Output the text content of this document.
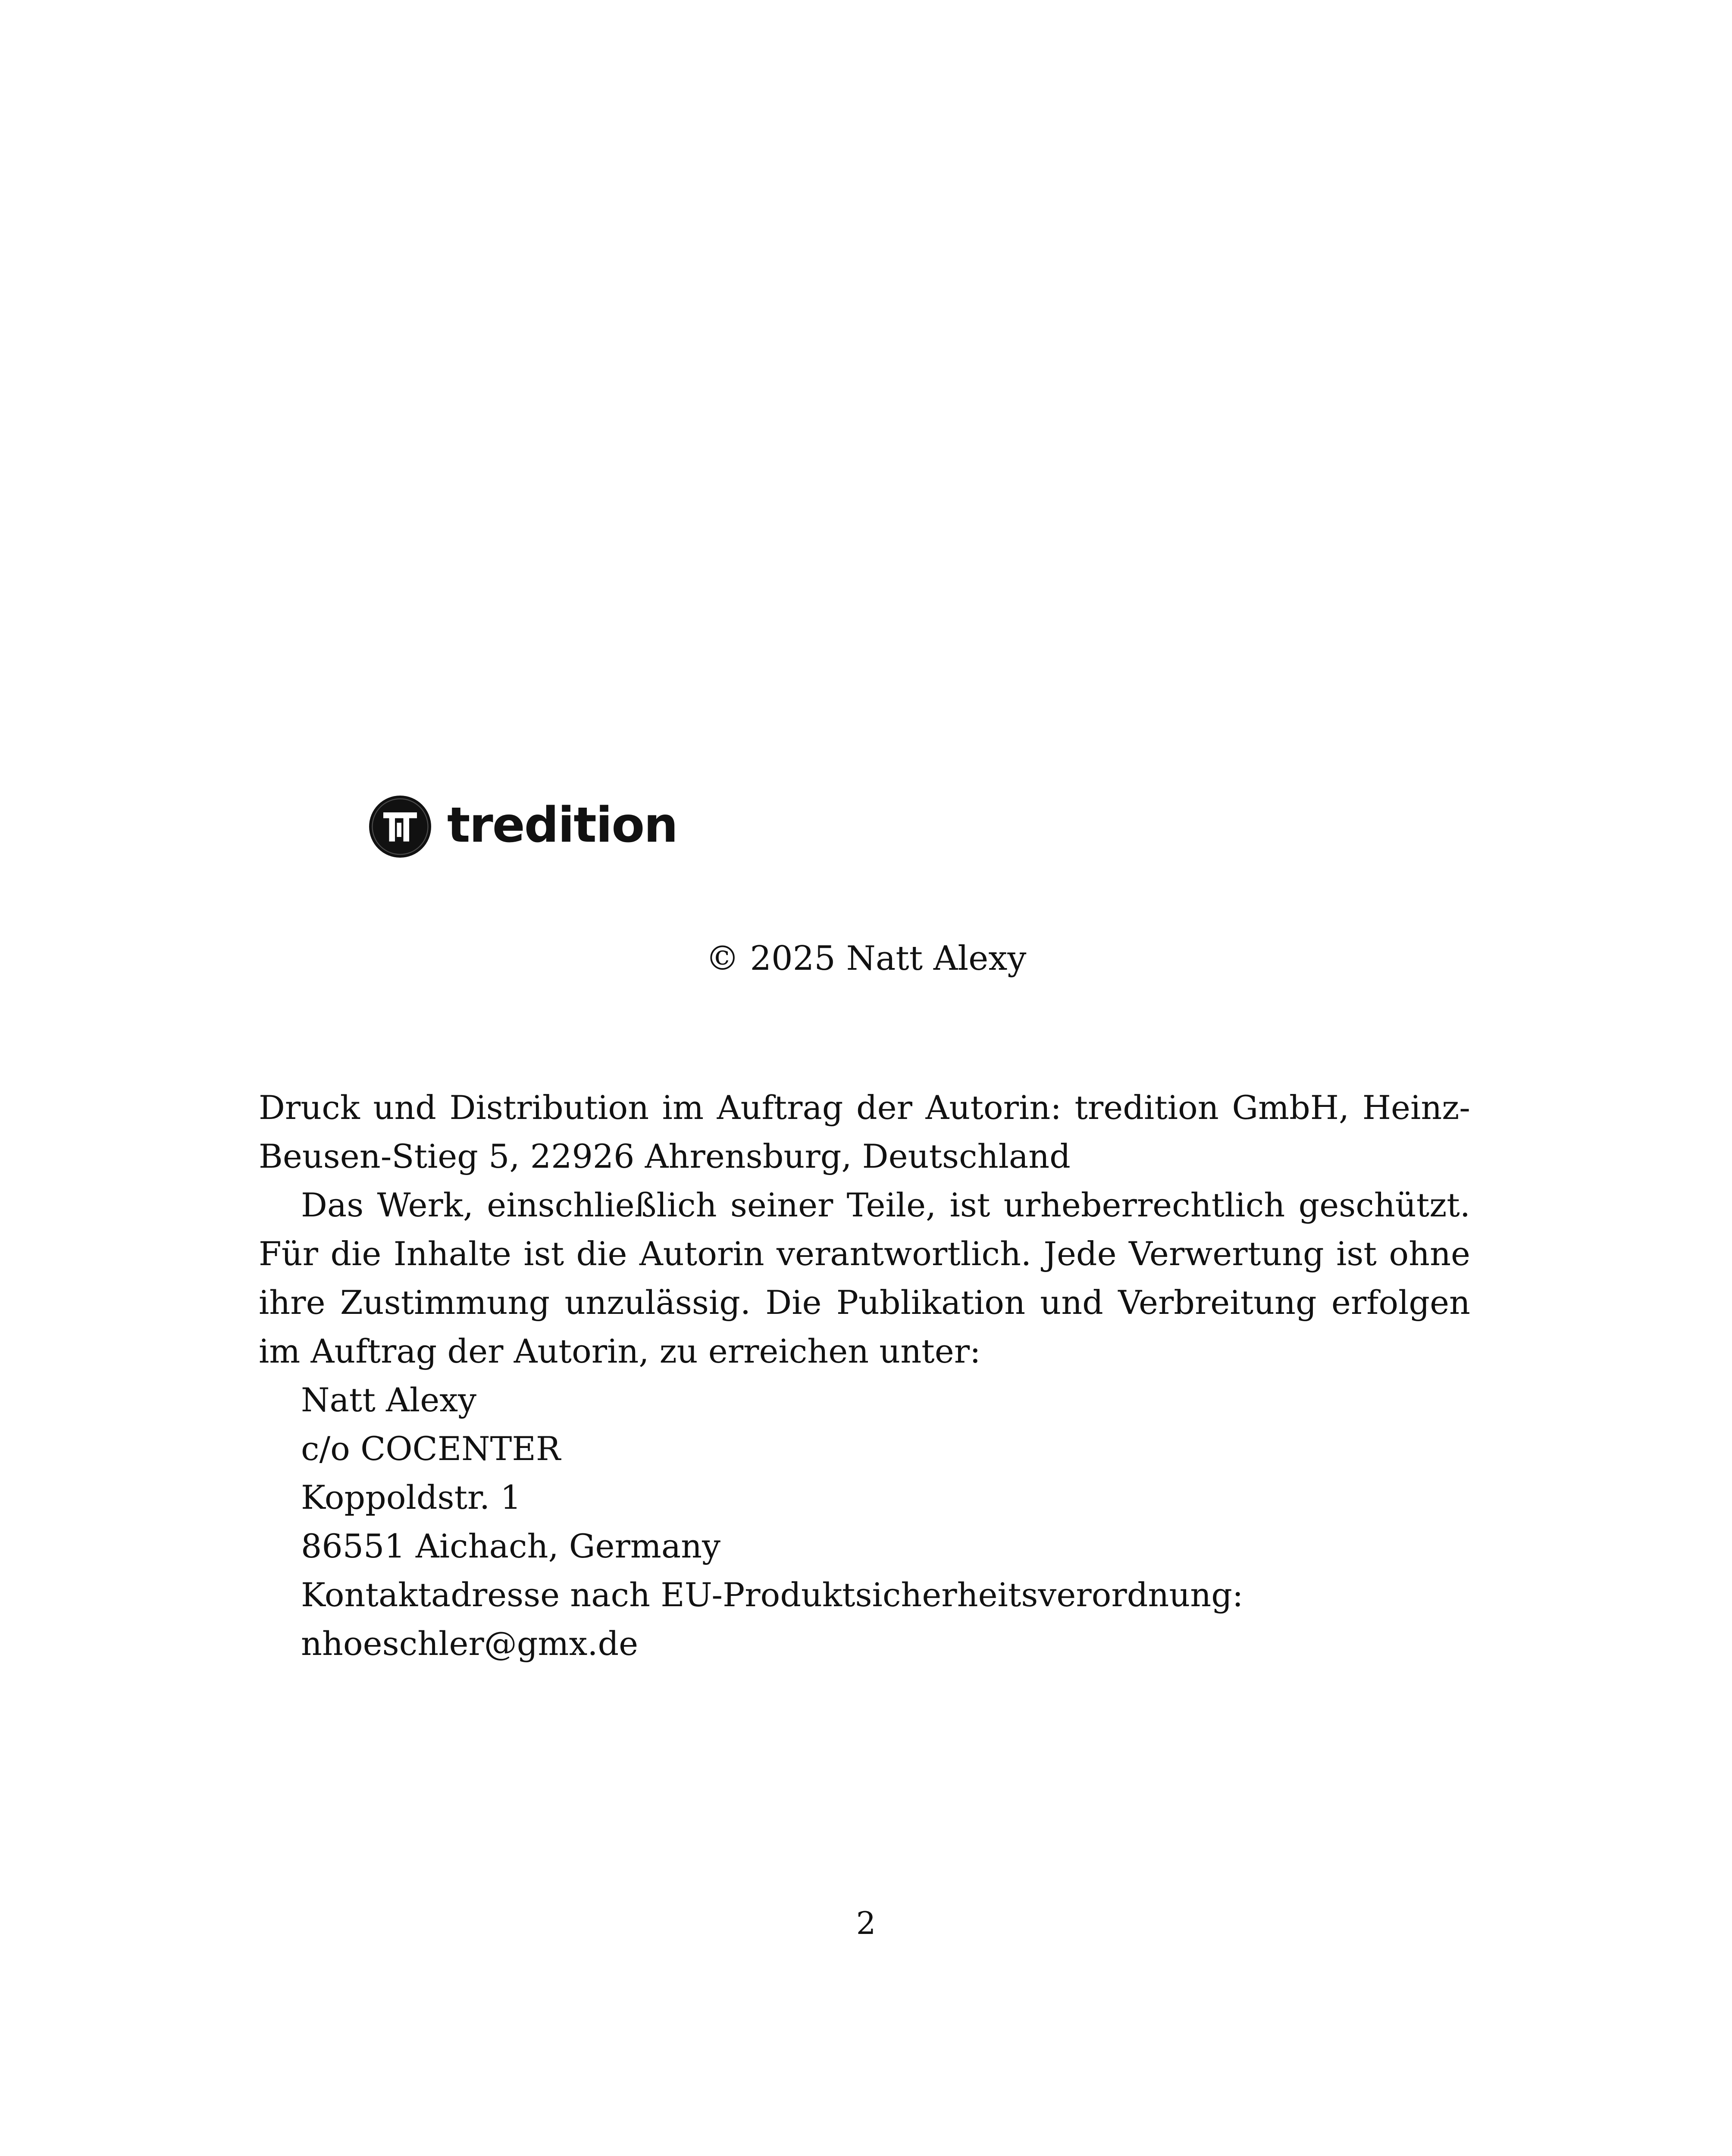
tredition

© 2025 Natt Alexy

Druck und Distribution im Auftrag der Autorin: tredition GmbH, Heinz-Beusen-Stieg 5, 22926 Ahrensburg, Deutschland

Das Werk, einschließlich seiner Teile, ist urheberrechtlich geschützt. Für die Inhalte ist die Autorin verantwortlich. Jede Verwertung ist ohne ihre Zustimmung unzulässig. Die Publikation und Verbreitung erfolgen im Auftrag der Autorin, zu erreichen unter:

Natt Alexy

c/o COCENTER

Koppoldstr. 1

86551 Aichach, Germany

Kontaktadresse nach EU-Produktsicherheitsverordnung:

nhoeschler@gmx.de

2
